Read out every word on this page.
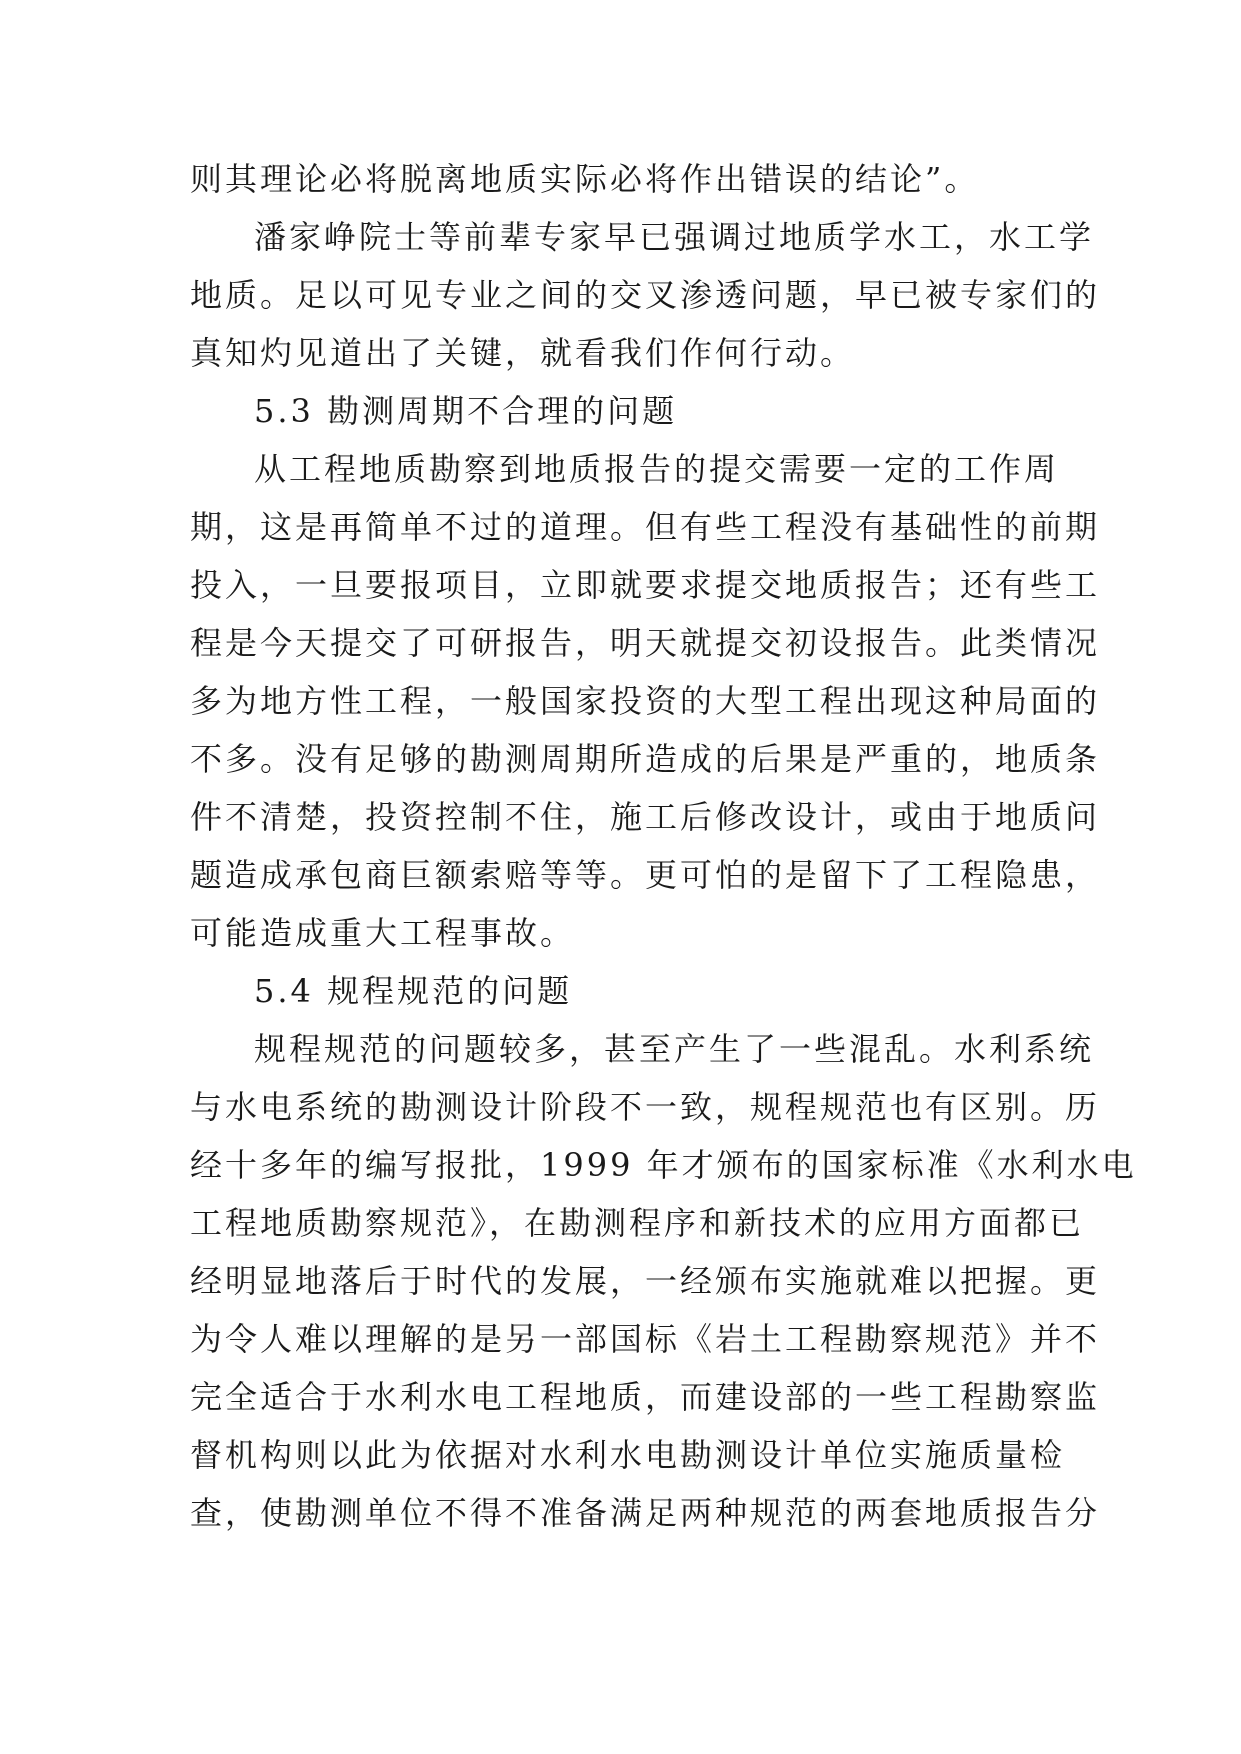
则其理论必将脱离地质实际必将作出错误的结论”。
潘家峥院士等前辈专家早已强调过地质学水工，水工学
地质。足以可见专业之间的交叉渗透问题，早已被专家们的
真知灼见道出了关键，就看我们作何行动。
5.3 勘测周期不合理的问题
从工程地质勘察到地质报告的提交需要一定的工作周
期，这是再简单不过的道理。但有些工程没有基础性的前期
投入，一旦要报项目，立即就要求提交地质报告；还有些工
程是今天提交了可研报告，明天就提交初设报告。此类情况
多为地方性工程，一般国家投资的大型工程出现这种局面的
不多。没有足够的勘测周期所造成的后果是严重的，地质条
件不清楚，投资控制不住，施工后修改设计，或由于地质问
题造成承包商巨额索赔等等。更可怕的是留下了工程隐患，
可能造成重大工程事故。
5.4 规程规范的问题
规程规范的问题较多，甚至产生了一些混乱。水利系统
与水电系统的勘测设计阶段不一致，规程规范也有区别。历
经十多年的编写报批，1999 年才颁布的国家标准《水利水电
工程地质勘察规范》，在勘测程序和新技术的应用方面都已
经明显地落后于时代的发展，一经颁布实施就难以把握。更
为令人难以理解的是另一部国标《岩土工程勘察规范》并不
完全适合于水利水电工程地质，而建设部的一些工程勘察监
督机构则以此为依据对水利水电勘测设计单位实施质量检
查，使勘测单位不得不准备满足两种规范的两套地质报告分
